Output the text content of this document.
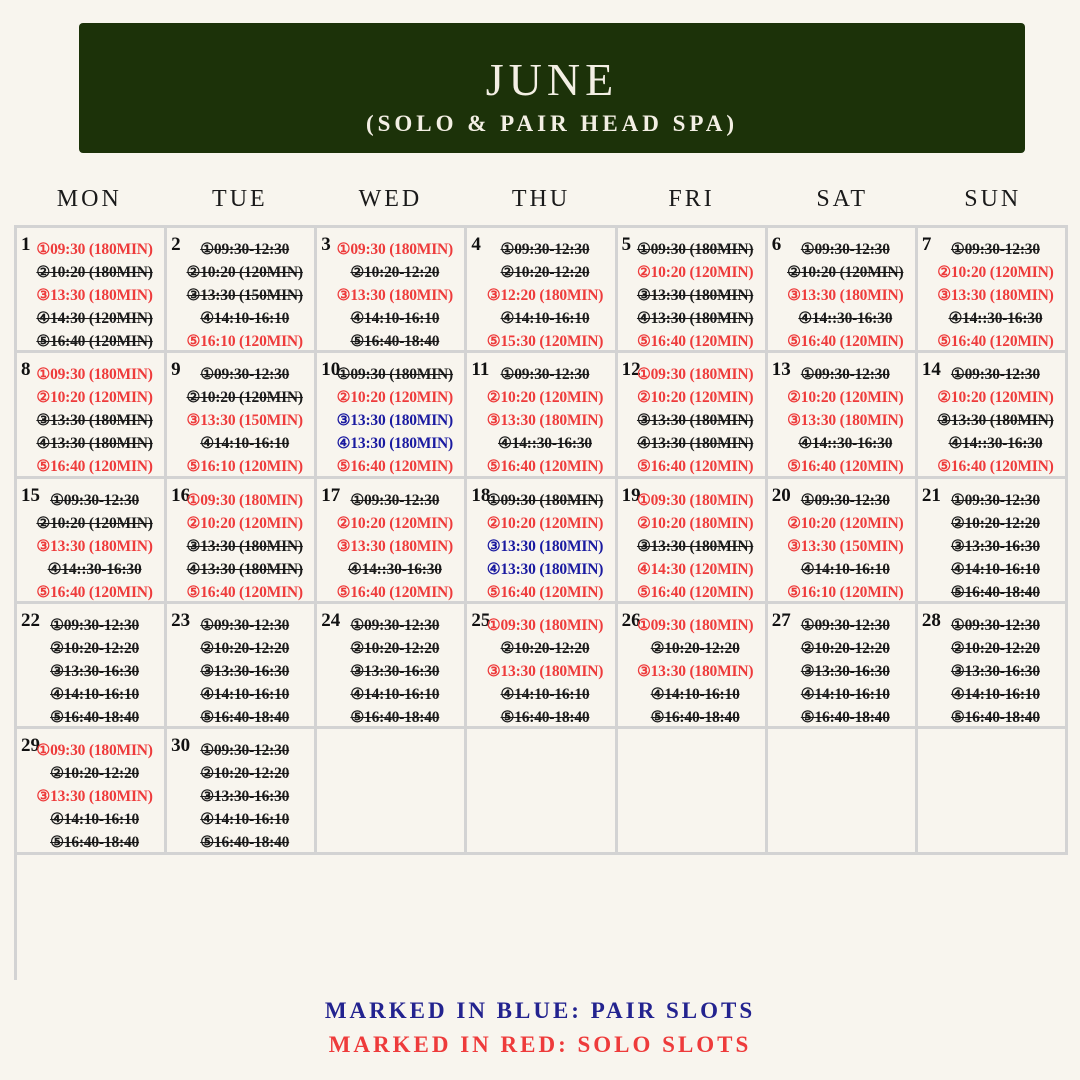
JUNE
(SOLO & PAIR HEAD SPA)
MON	TUE	WED	THU	FRI	SAT	SUN
1 ①09:30 (180MIN)
②10:20 (180MIN)
③13:30 (180MIN)
④14:30 (120MIN)
⑤16:40 (120MIN)
2	①09:30-12:30
②10:20 (120MIN)
③13:30 (150MIN)
④14:10-16:10
⑤16:10 (120MIN)
3 ①09:30 (180MIN)
②10:20-12:20
③13:30 (180MIN)
④14:10-16:10
⑤16:40-18:40
4	①09:30-12:30
②10:20-12:20
③12:20 (180MIN)
④14:10-16:10
⑤15:30 (120MIN)
5 ①09:30 (180MIN)
②10:20 (120MIN)
③13:30 (180MIN)
④13:30 (180MIN)
⑤16:40 (120MIN)
6	①09:30-12:30
②10:20 (120MIN)
③13:30 (180MIN)
④14::30-16:30
⑤16:40 (120MIN)
7	①09:30-12:30
②10:20 (120MIN)
③13:30 (180MIN)
④14::30-16:30
⑤16:40 (120MIN)
8 ①09:30 (180MIN)
②10:20 (120MIN)
③13:30 (180MIN)
④13:30 (180MIN)
⑤16:40 (120MIN)
9	①09:30-12:30
②10:20 (120MIN)
③13:30 (150MIN)
④14:10-16:10
⑤16:10 (120MIN)
10
①09:30 (180MIN)
②10:20 (120MIN)
③13:30 (180MIN)
④13:30 (180MIN)
⑤16:40 (120MIN)
11 ①09:30-12:30
②10:20 (120MIN)
③13:30 (180MIN)
④14::30-16:30
⑤16:40 (120MIN)
12
①09:30 (180MIN)
②10:20 (120MIN)
③13:30 (180MIN)
④13:30 (180MIN)
⑤16:40 (120MIN)
13 ①09:30-12:30
②10:20 (120MIN)
③13:30 (180MIN)
④14::30-16:30
⑤16:40 (120MIN)
14 ①09:30-12:30
②10:20 (120MIN)
③13:30 (180MIN)
④14::30-16:30
⑤16:40 (120MIN)
15 ①09:30-12:30
②10:20 (120MIN)
③13:30 (180MIN)
④14::30-16:30
⑤16:40 (120MIN)
16
①09:30 (180MIN)
②10:20 (120MIN)
③13:30 (180MIN)
④13:30 (180MIN)
⑤16:40 (120MIN)
17 ①09:30-12:30
②10:20 (120MIN)
③13:30 (180MIN)
④14::30-16:30
⑤16:40 (120MIN)
18
①09:30 (180MIN)
②10:20 (120MIN)
③13:30 (180MIN)
④13:30 (180MIN)
⑤16:40 (120MIN)
19
①09:30 (180MIN)
②10:20 (180MIN)
③13:30 (180MIN)
④14:30 (120MIN)
⑤16:40 (120MIN)
20 ①09:30-12:30
②10:20 (120MIN)
③13:30 (150MIN)
④14:10-16:10
⑤16:10 (120MIN)
21 ①09:30-12:30
②10:20-12:20
③13:30-16:30
④14:10-16:10
⑤16:40-18:40
22 ①09:30-12:30
②10:20-12:20
③13:30-16:30
④14:10-16:10
⑤16:40-18:40
23 ①09:30-12:30
②10:20-12:20
③13:30-16:30
④14:10-16:10
⑤16:40-18:40
24 ①09:30-12:30
②10:20-12:20
③13:30-16:30
④14:10-16:10
⑤16:40-18:40
25
①09:30 (180MIN)
②10:20-12:20
③13:30 (180MIN)
④14:10-16:10
⑤16:40-18:40
26
①09:30 (180MIN)
②10:20-12:20
③13:30 (180MIN)
④14:10-16:10
⑤16:40-18:40
27 ①09:30-12:30
②10:20-12:20
③13:30-16:30
④14:10-16:10
⑤16:40-18:40
28 ①09:30-12:30
②10:20-12:20
③13:30-16:30
④14:10-16:10
⑤16:40-18:40
29
①09:30 (180MIN)
②10:20-12:20
③13:30 (180MIN)
④14:10-16:10
⑤16:40-18:40
30 ①09:30-12:30
②10:20-12:20
③13:30-16:30
④14:10-16:10
⑤16:40-18:40
MARKED IN BLUE: PAIR SLOTS
MARKED IN RED: SOLO SLOTS
